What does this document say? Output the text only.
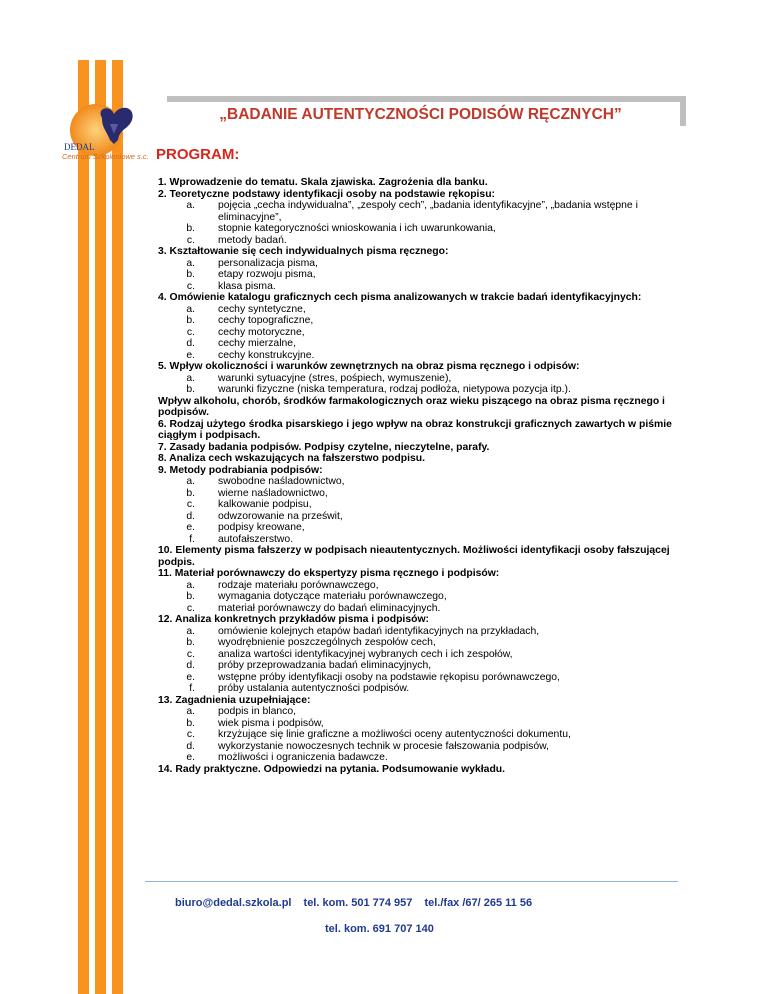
DEDAL
Centrum Szkoleniowe s.c.
„BADANIE AUTENTYCZNOŚCI PODISÓW RĘCZNYCH”
PROGRAM:
1. Wprowadzenie do tematu. Skala zjawiska. Zagrożenia dla banku.
2. Teoretyczne podstawy identyfikacji osoby na podstawie rękopisu:
a. pojęcia „cecha indywidualna”, „zespoły cech”, „badania identyfikacyjne”, „badania wstępne i eliminacyjne”,
b. stopnie kategoryczności wnioskowania i ich uwarunkowania,
c. metody badań.
3. Kształtowanie się cech indywidualnych pisma ręcznego:
a. personalizacja pisma,
b. etapy rozwoju pisma,
c. klasa pisma.
4. Omówienie katalogu graficznych cech pisma analizowanych w trakcie badań identyfikacyjnych:
a. cechy syntetyczne,
b. cechy topograficzne,
c. cechy motoryczne,
d. cechy mierzalne,
e. cechy konstrukcyjne.
5. Wpływ okoliczności i warunków zewnętrznych na obraz pisma ręcznego i odpisów:
a. warunki sytuacyjne (stres, pośpiech, wymuszenie),
b. warunki fizyczne (niska temperatura, rodzaj podłoża, nietypowa pozycja itp.).
Wpływ alkoholu, chorób, środków farmakologicznych oraz wieku piszącego na obraz pisma ręcznego i podpisów.
6. Rodzaj użytego środka pisarskiego i jego wpływ na obraz konstrukcji graficznych zawartych w piśmie ciągłym i podpisach.
7. Zasady badania podpisów. Podpisy czytelne, nieczytelne, parafy.
8. Analiza cech wskazujących na fałszerstwo podpisu.
9. Metody podrabiania podpisów:
a. swobodne naśladownictwo,
b. wierne naśladownictwo,
c. kalkowanie podpisu,
d. odwzorowanie na prześwit,
e. podpisy kreowane,
f. autofałszerstwo.
10. Elementy pisma fałszerzy w podpisach nieautentycznych. Możliwości identyfikacji osoby fałszującej podpis.
11. Materiał porównawczy do ekspertyzy pisma ręcznego i podpisów:
a. rodzaje materiału porównawczego,
b. wymagania dotyczące materiału porównawczego,
c. materiał porównawczy do badań eliminacyjnych.
12. Analiza konkretnych przykładów pisma i podpisów:
a. omówienie kolejnych etapów badań identyfikacyjnych na przykładach,
b. wyodrębnienie poszczególnych zespołów cech,
c. analiza wartości identyfikacyjnej wybranych cech i ich zespołów,
d. próby przeprowadzania badań eliminacyjnych,
e. wstępne próby identyfikacji osoby na podstawie rękopisu porównawczego,
f. próby ustalania autentyczności podpisów.
13. Zagadnienia uzupełniające:
a. podpis in blanco,
b. wiek pisma i podpisów,
c. krzyżujące się linie graficzne a możliwości oceny autentyczności dokumentu,
d. wykorzystanie nowoczesnych technik w procesie fałszowania podpisów,
e. możliwości i ograniczenia badawcze.
14. Rady praktyczne. Odpowiedzi na pytania. Podsumowanie wykładu.
biuro@dedal.szkola.pl tel. kom. 501 774 957 tel./fax /67/ 265 11 56
tel. kom. 691 707 140
